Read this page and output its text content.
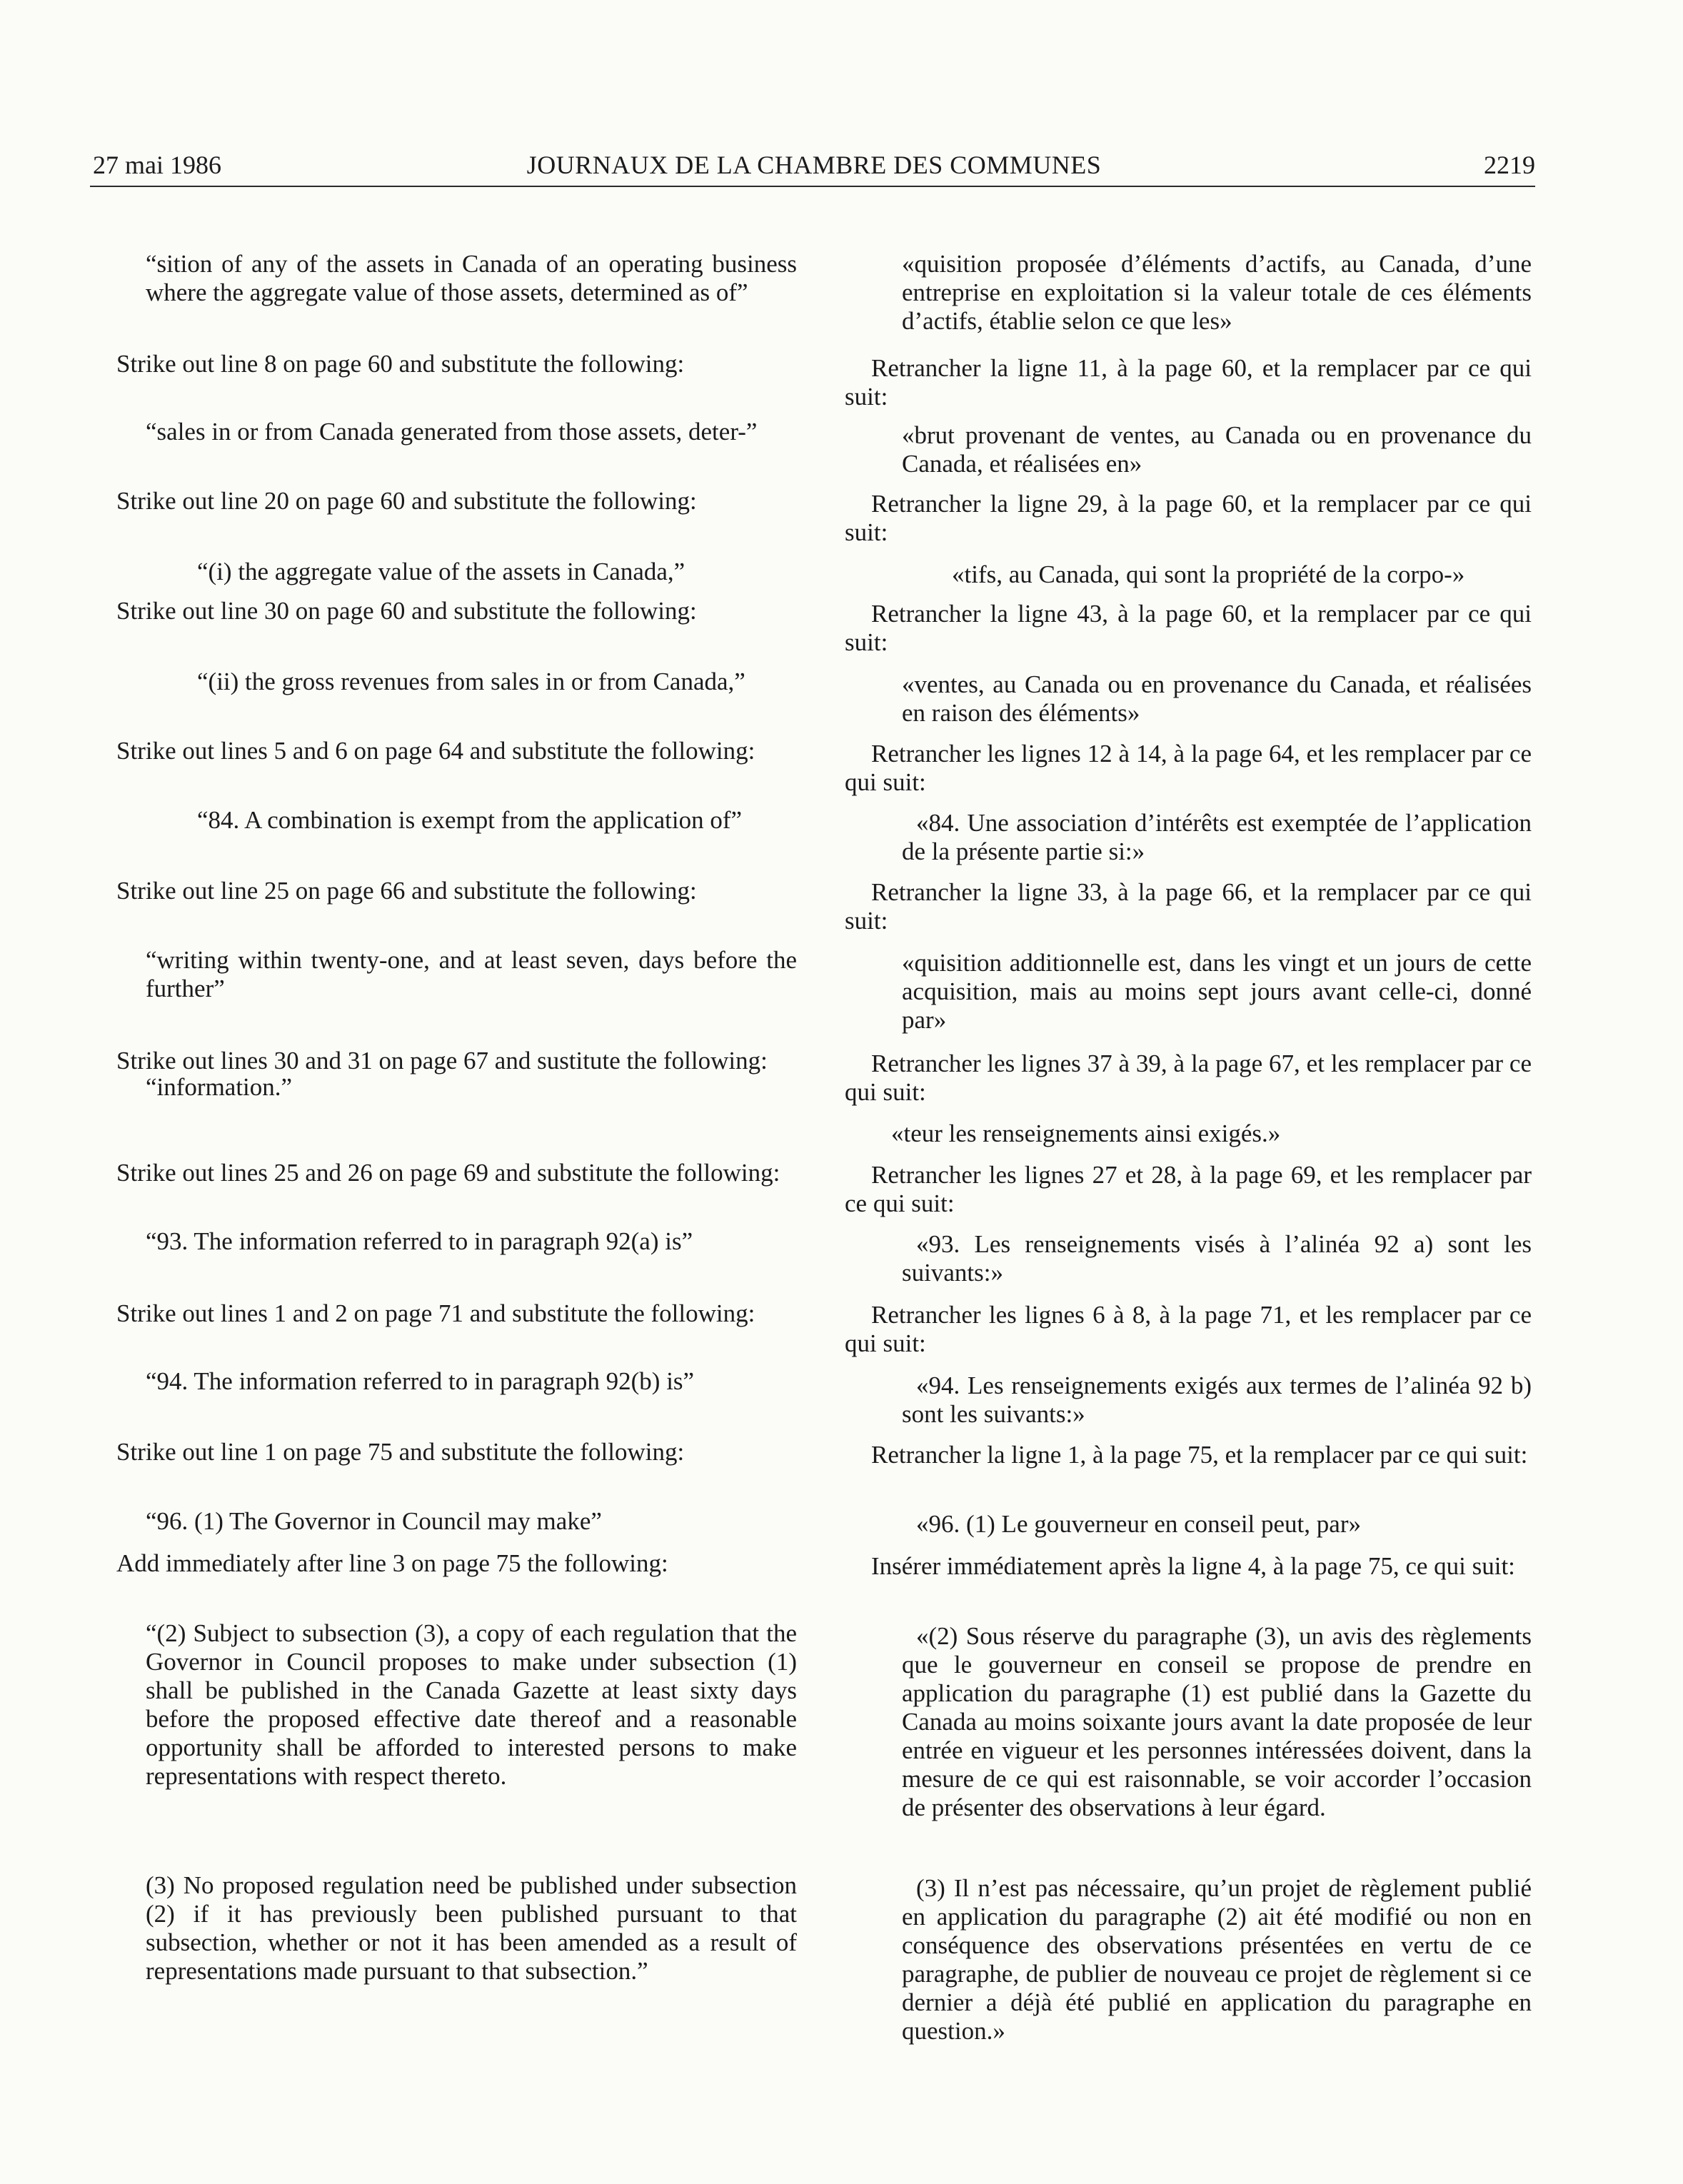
27 mai 1986	JOURNAUX DE LA CHAMBRE DES COMMUNES	2219
“sition of any of the assets in Canada of an operating business where the aggregate value of those assets, determined as of”
Strike out line 8 on page 60 and substitute the following:
“sales in or from Canada generated from those assets, deter-”
Strike out line 20 on page 60 and substitute the following:
“(i) the aggregate value of the assets in Canada,”
Strike out line 30 on page 60 and substitute the following:
“(ii) the gross revenues from sales in or from Canada,”
Strike out lines 5 and 6 on page 64 and substitute the following:
“84. A combination is exempt from the application of”
Strike out line 25 on page 66 and substitute the following:
“writing within twenty-one, and at least seven, days before the further”
Strike out lines 30 and 31 on page 67 and sustitute the following:
“information.”
Strike out lines 25 and 26 on page 69 and substitute the following:
“93. The information referred to in paragraph 92(a) is”
Strike out lines 1 and 2 on page 71 and substitute the following:
“94. The information referred to in paragraph 92(b) is”
Strike out line 1 on page 75 and substitute the following:
“96. (1) The Governor in Council may make”
Add immediately after line 3 on page 75 the following:
“(2) Subject to subsection (3), a copy of each regulation that the Governor in Council proposes to make under subsection (1) shall be published in the Canada Gazette at least sixty days before the proposed effective date thereof and a reasonable opportunity shall be afforded to interested persons to make representations with respect thereto.
(3) No proposed regulation need be published under subsection (2) if it has previously been published pursuant to that subsection, whether or not it has been amended as a result of representations made pursuant to that subsection.”
«quisition proposée d’éléments d’actifs, au Canada, d’une entreprise en exploitation si la valeur totale de ces éléments d’actifs, établie selon ce que les»
Retrancher la ligne 11, à la page 60, et la remplacer par ce qui suit:
«brut provenant de ventes, au Canada ou en provenance du Canada, et réalisées en»
Retrancher la ligne 29, à la page 60, et la remplacer par ce qui suit:
«tifs, au Canada, qui sont la propriété de la corpo-»
Retrancher la ligne 43, à la page 60, et la remplacer par ce qui suit:
«ventes, au Canada ou en provenance du Canada, et réalisées en raison des éléments»
Retrancher les lignes 12 à 14, à la page 64, et les remplacer par ce qui suit:
«84. Une association d’intérêts est exemptée de l’application de la présente partie si:»
Retrancher la ligne 33, à la page 66, et la remplacer par ce qui suit:
«quisition additionnelle est, dans les vingt et un jours de cette acquisition, mais au moins sept jours avant celle-ci, donné par»
Retrancher les lignes 37 à 39, à la page 67, et les remplacer par ce qui suit:
«teur les renseignements ainsi exigés.»
Retrancher les lignes 27 et 28, à la page 69, et les remplacer par ce qui suit:
«93. Les renseignements visés à l’alinéa 92 a) sont les suivants:»
Retrancher les lignes 6 à 8, à la page 71, et les remplacer par ce qui suit:
«94. Les renseignements exigés aux termes de l’alinéa 92 b) sont les suivants:»
Retrancher la ligne 1, à la page 75, et la remplacer par ce qui suit:
«96. (1) Le gouverneur en conseil peut, par»
Insérer immédiatement après la ligne 4, à la page 75, ce qui suit:
«(2) Sous réserve du paragraphe (3), un avis des règlements que le gouverneur en conseil se propose de prendre en application du paragraphe (1) est publié dans la Gazette du Canada au moins soixante jours avant la date proposée de leur entrée en vigueur et les personnes intéressées doivent, dans la mesure de ce qui est raisonnable, se voir accorder l’occasion de présenter des observations à leur égard.
(3) Il n’est pas nécessaire, qu’un projet de règlement publié en application du paragraphe (2) ait été modifié ou non en conséquence des observations présentées en vertu de ce paragraphe, de publier de nouveau ce projet de règlement si ce dernier a déjà été publié en application du paragraphe en question.»
